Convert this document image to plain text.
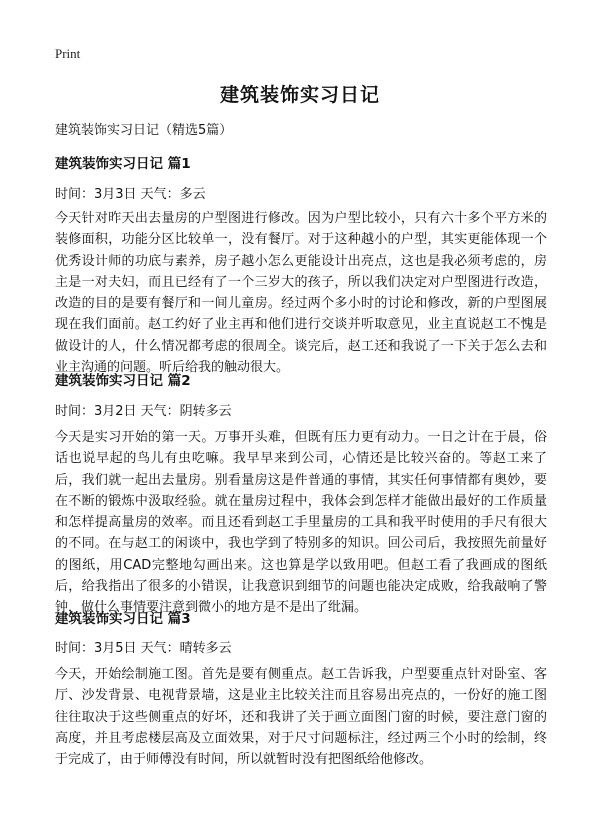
Print
建筑装饰实习日记
建筑装饰实习日记（精选5篇）
建筑装饰实习日记 篇1
时间：3月3日 天气：多云
今天针对昨天出去量房的户型图进行修改。因为户型比较小，只有六十多个平方米的装修面积，功能分区比较单一，没有餐厅。对于这种越小的户型，其实更能体现一个优秀设计师的功底与素养，房子越小怎么更能设计出亮点，这也是我必须考虑的，房主是一对夫妇，而且已经有了一个三岁大的孩子，所以我们决定对户型图进行改造，改造的目的是要有餐厅和一间儿童房。经过两个多小时的讨论和修改，新的户型图展现在我们面前。赵工约好了业主再和他们进行交谈并听取意见，业主直说赵工不愧是做设计的人，什么情况都考虑的很周全。谈完后，赵工还和我说了一下关于怎么去和业主沟通的问题。听后给我的触动很大。
建筑装饰实习日记 篇2
时间：3月2日 天气：阴转多云
今天是实习开始的第一天。万事开头难，但既有压力更有动力。一日之计在于晨，俗话也说早起的鸟儿有虫吃嘛。我早早来到公司，心情还是比较兴奋的。等赵工来了后，我们就一起出去量房。别看量房这是件普通的事情，其实任何事情都有奥妙，要在不断的锻炼中汲取经验。就在量房过程中，我体会到怎样才能做出最好的工作质量和怎样提高量房的效率。而且还看到赵工手里量房的工具和我平时使用的手尺有很大的不同。在与赵工的闲谈中，我也学到了特别多的知识。回公司后，我按照先前量好的图纸，用CAD完整地勾画出来。这也算是学以致用吧。但赵工看了我画成的图纸后，给我指出了很多的小错误，让我意识到细节的问题也能决定成败，给我敲响了警钟，做什么事情要注意到微小的地方是不是出了纰漏。
建筑装饰实习日记 篇3
时间：3月5日 天气：晴转多云
今天，开始绘制施工图。首先是要有侧重点。赵工告诉我，户型要重点针对卧室、客厅、沙发背景、电视背景墙，这是业主比较关注而且容易出亮点的，一份好的施工图往往取决于这些侧重点的好坏，还和我讲了关于画立面图门窗的时候，要注意门窗的高度，并且考虑楼层高及立面效果，对于尺寸问题标注，经过两三个小时的绘制，终于完成了，由于师傅没有时间，所以就暂时没有把图纸给他修改。
